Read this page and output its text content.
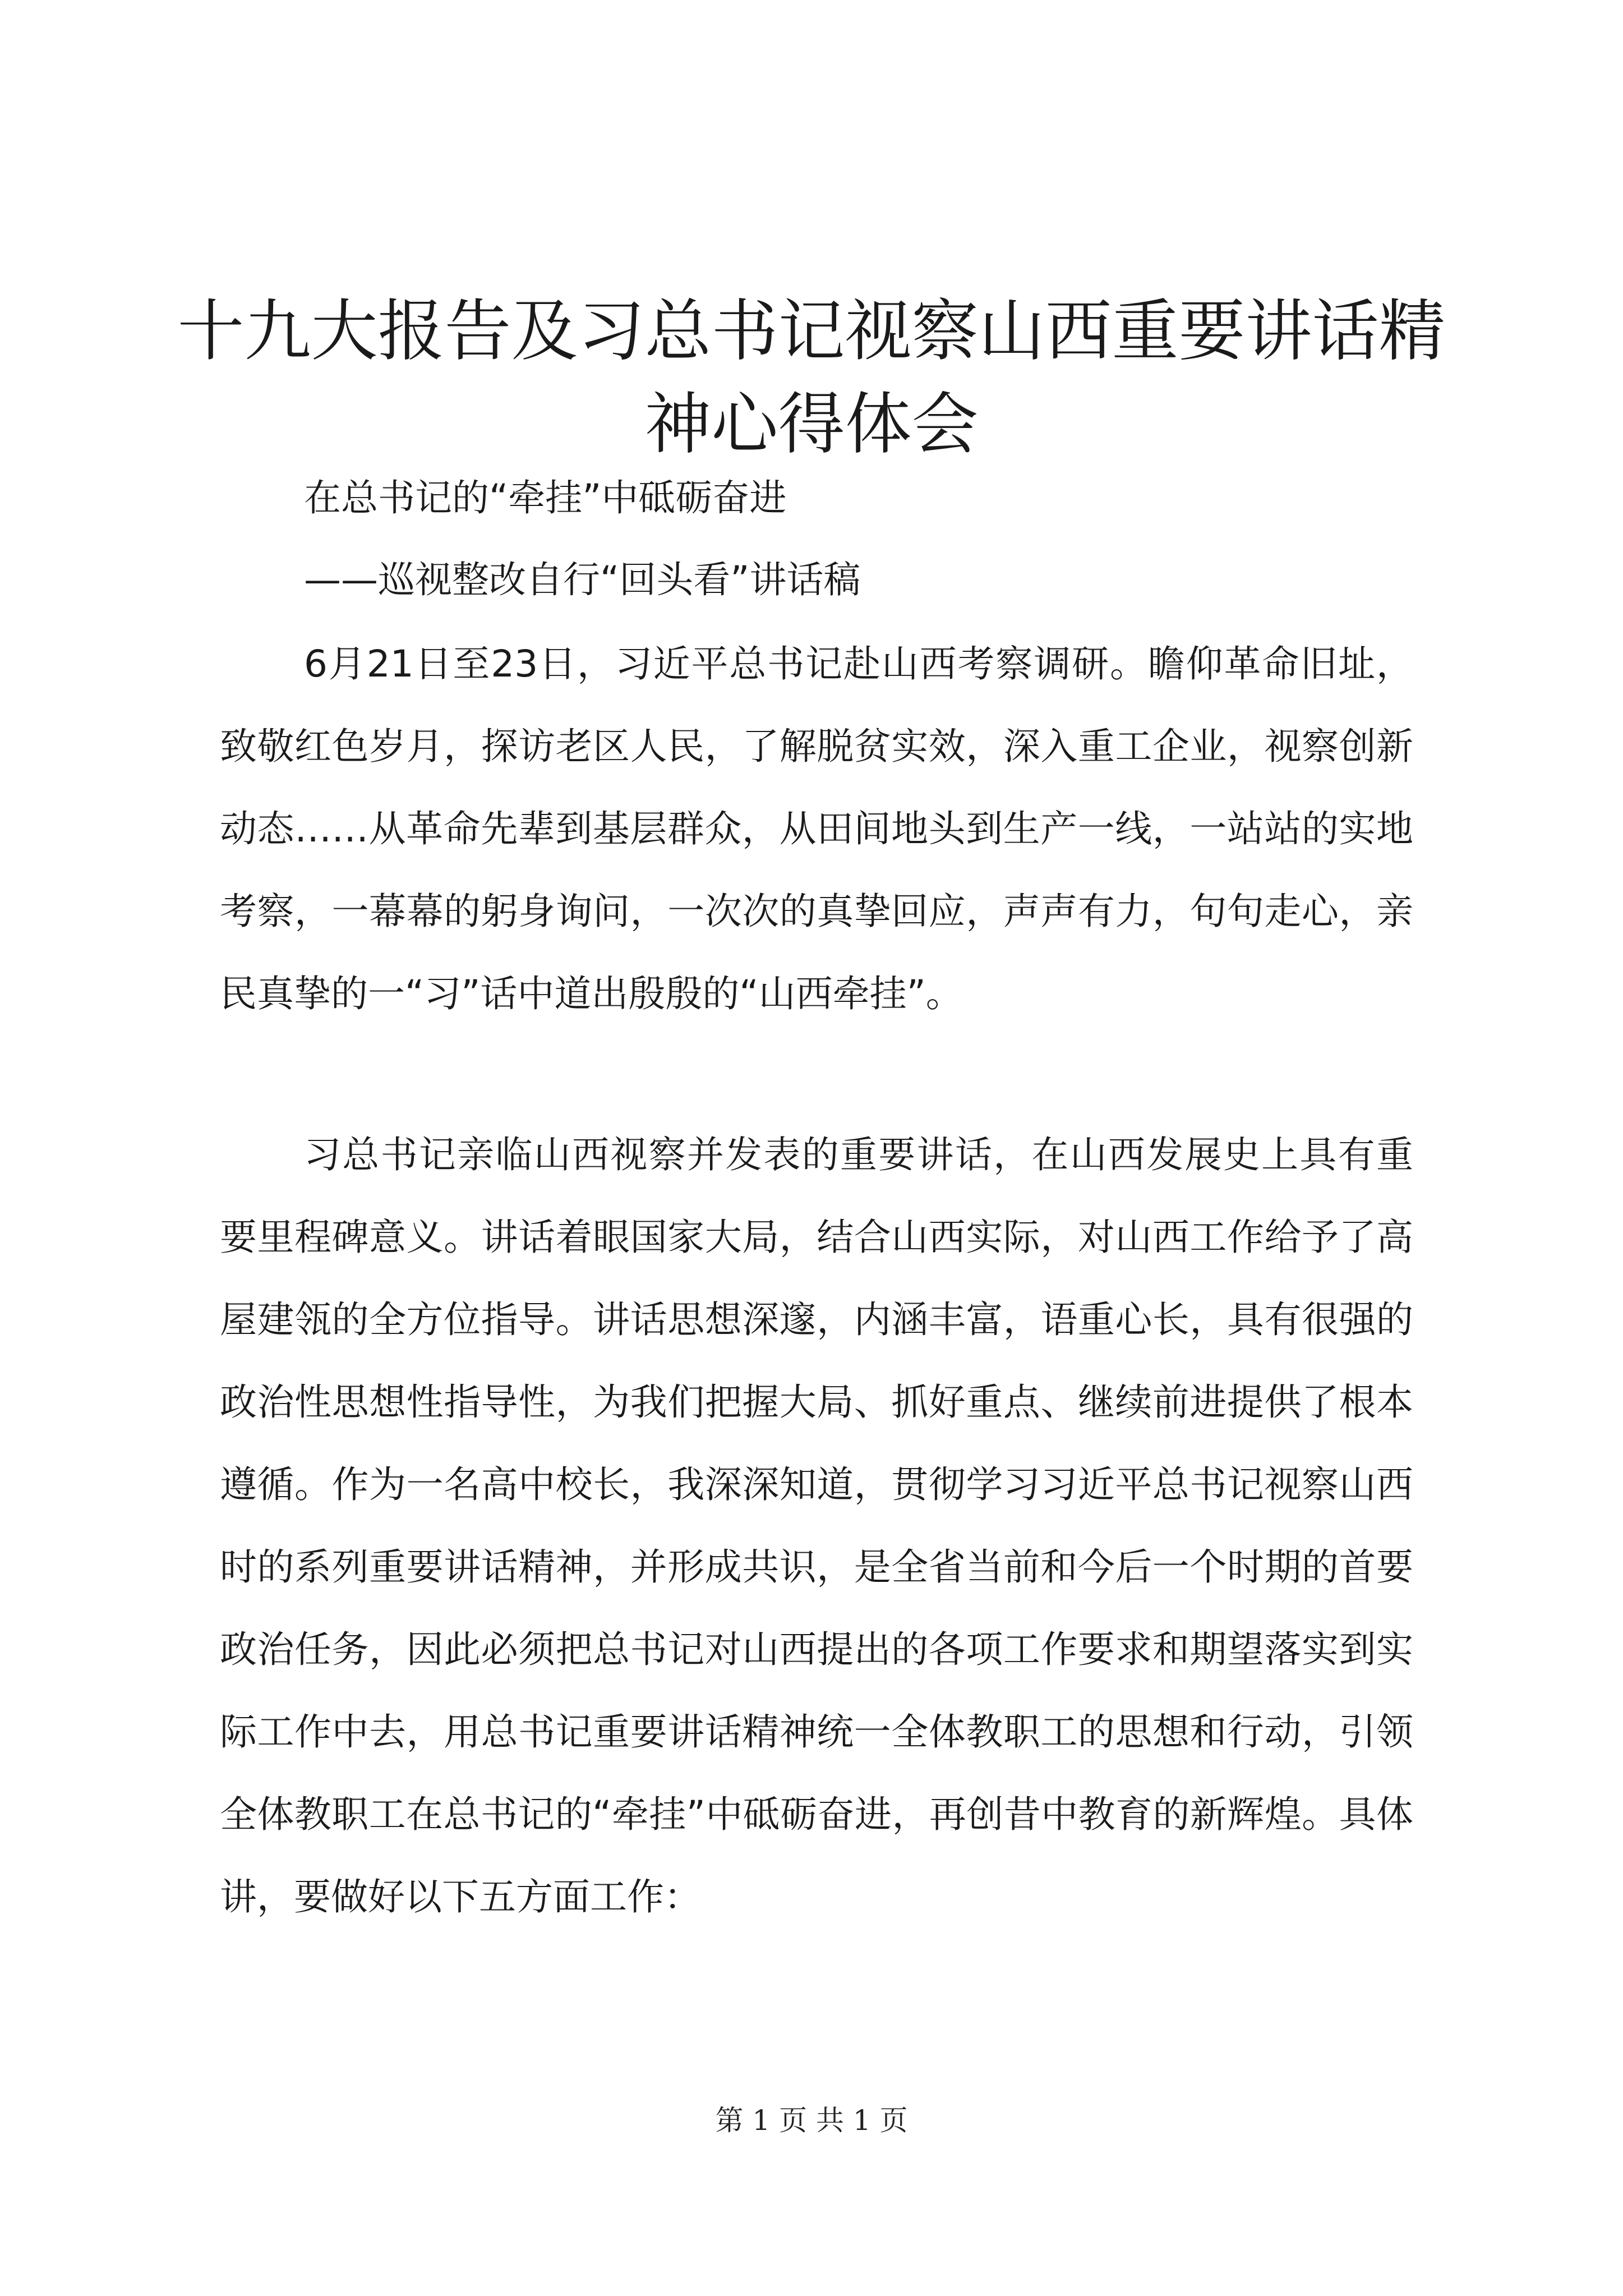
十九大报告及习总书记视察山西重要讲话精神心得体会
在总书记的“牵挂”中砥砺奋进
——巡视整改自行“回头看”讲话稿

6月21日至23日，习近平总书记赴山西考察调研。瞻仰革命旧址，致敬红色岁月，探访老区人民，了解脱贫实效，深入重工企业，视察创新动态……从革命先辈到基层群众，从田间地头到生产一线，一站站的实地考察，一幕幕的躬身询问，一次次的真挚回应，声声有力，句句走心，亲民真挚的一“习”话中道出殷殷的“山西牵挂”。

习总书记亲临山西视察并发表的重要讲话，在山西发展史上具有重要里程碑意义。讲话着眼国家大局，结合山西实际，对山西工作给予了高屋建瓴的全方位指导。讲话思想深邃，内涵丰富，语重心长，具有很强的政治性思想性指导性，为我们把握大局、抓好重点、继续前进提供了根本遵循。作为一名高中校长，我深深知道，贯彻学习习近平总书记视察山西时的系列重要讲话精神，并形成共识，是全省当前和今后一个时期的首要政治任务，因此必须把总书记对山西提出的各项工作要求和期望落实到实际工作中去，用总书记重要讲话精神统一全体教职工的思想和行动，引领全体教职工在总书记的“牵挂”中砥砺奋进，再创昔中教育的新辉煌。具体讲，要做好以下五方面工作：

第 1 页 共 1 页
